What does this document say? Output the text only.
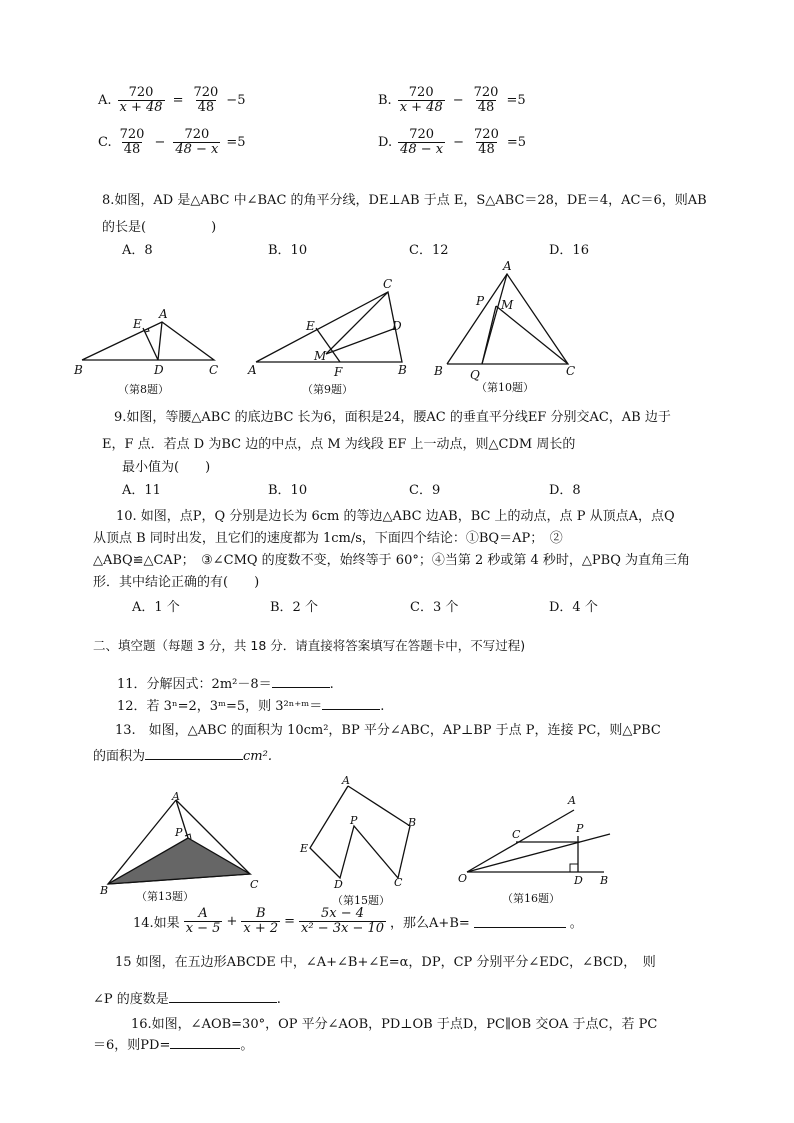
A. $\frac{720}{x + 48} = \frac{720}{48} -5$	B. $\frac{720}{x + 48} - \frac{720}{48} =5$
C. $\frac{720}{48} - \frac{720}{48 - x} =5$	D. $\frac{720}{48 - x} - \frac{720}{48} =5$
8.如图，AD 是△ABC 中∠BAC 的角平分线，DE⊥AB 于点 E，S△ABC＝28，DE＝4，AC＝6，则AB
的长是(　　　　　)
A．8	B．10	C．12	D．16
A
E
B	D	C
C
E	D
M
A	F	B
A
P M
B Q	C
（第8题）	（第9题）	（第10题）
9.如图，等腰△ABC 的底边BC 长为6，面积是24，腰AC 的垂直平分线EF 分别交AC，AB 边于
E，F 点．若点 D 为BC 边的中点，点 M 为线段 EF 上一动点，则△CDM 周长的
最小值为(　　)
A．11	B．10	C．9	D．8
10. 如图，点P，Q 分别是边长为 6cm 的等边△ABC 边AB，BC 上的动点，点 P 从顶点A，点Q
从顶点 B 同时出发，且它们的速度都为 1cm/s，下面四个结论：①BQ＝AP；　②
△ABQ≌△CAP；　③∠CMQ 的度数不变，始终等于 60°；④当第 2 秒或第 4 秒时，△PBQ 为直角三角
形．其中结论正确的有(　　)
A．1 个	B．2 个	C．3 个	D．4 个
二、填空题（每题 3 分，共 18 分．请直接将答案填写在答题卡中，不写过程)
11．分解因式：2m²－8＝	.
12．若 3ⁿ=2，3ᵐ=5，则 3²ⁿ⁺ᵐ＝	.
13.　如图，△ABC 的面积为 10cm²，BP 平分∠ABC，AP⊥BP 于点 P，连接 PC，则△PBC
的面积为	cm².
A
P
B	C
A
P	B
E
D	C
A
C	P
O	D B
（第13题）	（第15题）	（第16题）
14.如果 $\frac{A}{x - 5} + \frac{B}{x + 2} = \frac{5x - 4}{\text{x² − 3x − 10}}$ ，那么A+B=	。
15 如图，在五边形ABCDE 中，∠A+∠B+∠E=α，DP，CP 分别平分∠EDC，∠BCD，　则
∠P 的度数是	.
16.如图，∠AOB=30°，OP 平分∠AOB，PD⊥OB 于点D，PC∥OB 交OA 于点C，若 PC
＝6，则PD=	。
